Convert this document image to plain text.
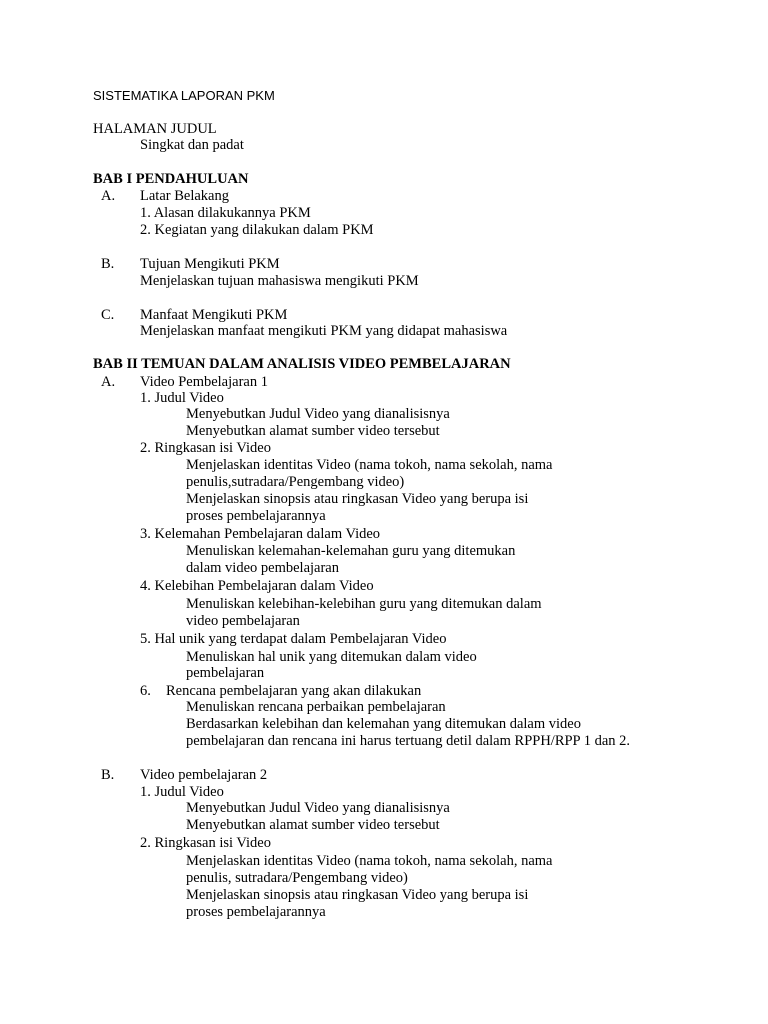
SISTEMATIKA LAPORAN PKM
HALAMAN JUDUL
Singkat dan padat
BAB I PENDAHULUAN
A. Latar Belakang
1. Alasan dilakukannya PKM
2. Kegiatan yang dilakukan dalam PKM
B. Tujuan Mengikuti PKM
Menjelaskan tujuan mahasiswa mengikuti PKM
C. Manfaat Mengikuti PKM
Menjelaskan manfaat mengikuti PKM yang didapat mahasiswa
BAB II TEMUAN DALAM ANALISIS VIDEO PEMBELAJARAN
A. Video Pembelajaran 1
1. Judul Video
Menyebutkan Judul Video yang dianalisisnya
Menyebutkan alamat sumber video tersebut
2. Ringkasan isi Video
Menjelaskan identitas Video (nama tokoh, nama sekolah, nama
penulis,sutradara/Pengembang video)
Menjelaskan sinopsis atau ringkasan Video yang berupa isi
proses pembelajarannya
3. Kelemahan Pembelajaran dalam Video
Menuliskan kelemahan-kelemahan guru yang ditemukan
dalam video pembelajaran
4. Kelebihan Pembelajaran dalam Video
Menuliskan kelebihan-kelebihan guru yang ditemukan dalam
video pembelajaran
5. Hal unik yang terdapat dalam Pembelajaran Video
Menuliskan hal unik yang ditemukan dalam video
pembelajaran
6. Rencana pembelajaran yang akan dilakukan
Menuliskan rencana perbaikan pembelajaran
Berdasarkan kelebihan dan kelemahan yang ditemukan dalam video
pembelajaran dan rencana ini harus tertuang detil dalam RPPH/RPP 1 dan 2.
B. Video pembelajaran 2
1. Judul Video
Menyebutkan Judul Video yang dianalisisnya
Menyebutkan alamat sumber video tersebut
2. Ringkasan isi Video
Menjelaskan identitas Video (nama tokoh, nama sekolah, nama
penulis, sutradara/Pengembang video)
Menjelaskan sinopsis atau ringkasan Video yang berupa isi
proses pembelajarannya
